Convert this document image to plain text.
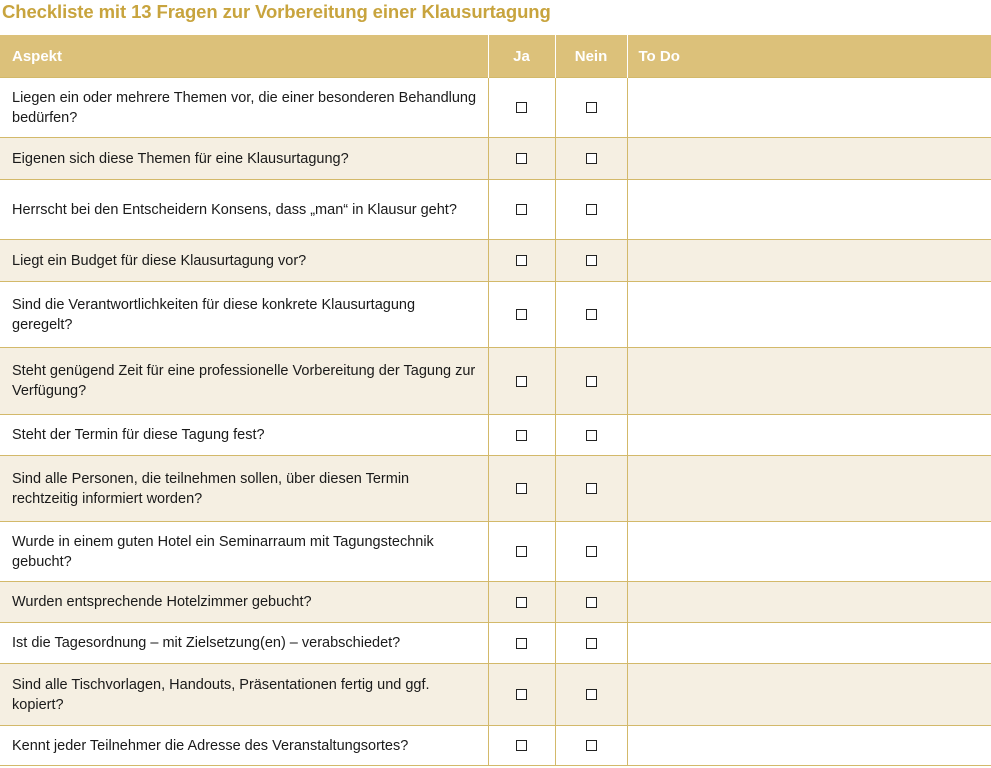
Checkliste mit 13 Fragen zur Vorbereitung einer Klausurtagung
Aspekt	Ja	Nein	To Do
Liegen ein oder mehrere Themen vor, die einer besonderen Behandlung bedürfen?			
Eigenen sich diese Themen für eine Klausurtagung?			
Herrscht bei den Entscheidern Konsens, dass „man“ in Klausur geht?			
Liegt ein Budget für diese Klausurtagung vor?			
Sind die Verantwortlichkeiten für diese konkrete Klausurtagung geregelt?			
Steht genügend Zeit für eine professionelle Vorbereitung der Tagung zur Verfügung?			
Steht der Termin für diese Tagung fest?			
Sind alle Personen, die teilnehmen sollen, über diesen Termin rechtzeitig informiert worden?			
Wurde in einem guten Hotel ein Seminarraum mit Tagungstechnik gebucht?			
Wurden entsprechende Hotelzimmer gebucht?			
Ist die Tagesordnung – mit Zielsetzung(en) – verabschiedet?			
Sind alle Tischvorlagen, Handouts, Präsentationen fertig und ggf. kopiert?			
Kennt jeder Teilnehmer die Adresse des Veranstaltungsortes?			
